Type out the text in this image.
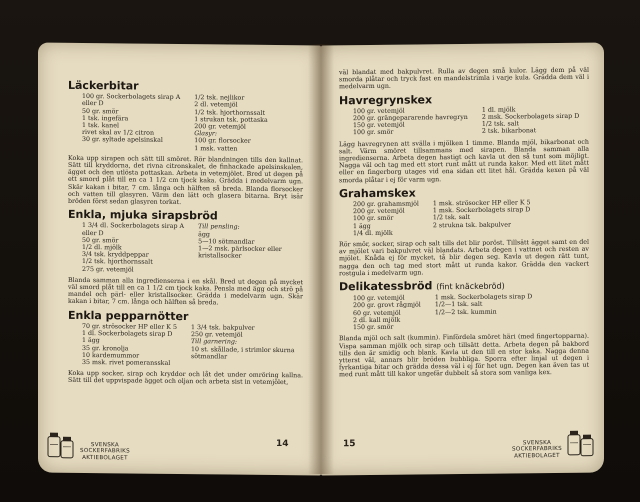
Läckerbitar
100 gr. Sockerbolagets sirap A
eller D
50 gr. smör
1 tsk. ingefära
1 tsk. kanel
rivet skal av 1/2 citron
30 gr. syltade apelsinskal
1/2 tsk. nejlikor
2 dl. vetemjöl
1/2 tsk. hjorthornssalt
1 strukan tsk. pottaska
200 gr. vetemjöl
Glasyr:
100 gr. florsocker
1 msk. vatten

Koka upp sirapen och sätt till smöret. Rör blandningen tills den kallnat. Sätt till kryddorna, det rivna citronskalet, de finhackade apelsinskalen, ägget och den utlösta pottaskan. Arbeta in vetemjölet. Bred ut degen på ett smord plåt till en ca 1 1/2 cm tjock kaka. Grädda i medelvarm ugn. Skär kakan i bitar, 7 cm. långa och hälften så breda. Blanda florsocker och vatten till glasyren. Värm den lätt och glasera bitarna. Bryt isär bröden först sedan glasyren torkat.

Enkla, mjuka sirapsbröd
1 3/4 dl. Sockerbolagets sirap A
eller D
50 gr. smör
1/2 dl. mjölk
3/4 tsk. kryddpeppar
1/2 tsk. hjorthornssalt
275 gr. vetemjöl
Till pensling:
ägg
5—10 sötmandlar
1—2 msk. pärlsocker eller
kristallsocker

Blanda samman alla ingredienserna i en skål. Bred ut degen på mycket väl smord plåt till en ca 1 1/2 cm tjock kaka. Pensla med ägg och strö på mandel och pärl- eller kristallsocker. Grädda i medelvarm ugn. Skär kakan i bitar, 7 cm. långa och hälften så breda.

Enkla pepparnötter
70 gr. strösocker HP eller K 5
1 dl. Sockerbolagets sirap D
1 ägg
35 gr. kronolja
10 kardemummor
35 msk. rivet pomeransskal
1 3/4 tsk. bakpulver
250 gr. vetemjöl
Till garnering:
10 st. skållade, i strimlor skurna
sötmandlar

Koka upp socker, sirap och kryddor och låt det under omröring kallna. Sätt till det uppvispade ägget och oljan och arbeta sist in vetemjölet,

14
SVENSKA
SOCKERFABRIKS
AKTIEBOLAGET

väl blandat med bakpulvret. Rulla av degen små kulor. Lägg dem på väl smorda plåtar och tryck fast en mandelstrimla i varje kula. Grädda dem väl i medelvarm ugn.

Havregrynskex
100 gr. vetemjöl
200 gr. grängepararende havregryn
150 gr. vetemjöl
100 gr. smör
1 dl. mjölk
2 msk. Sockerbolagets sirap D
1/2 tsk. salt
2 tsk. bikarbonat

Lägg havregrynen att svälla i mjölken 1 timme. Blanda mjöl, bikarbonat och salt. Värm smöret tillsammans med sirapen. Blanda samman alla ingredienserna. Arbeta degen hastigt och kavla ut den så tunt som möjligt. Nagga väl och tag med ett stort runt mått ut runda kakor. Med ett litet mått eller en fingerborg utages vid ena sidan ett litet hål. Grädda kexen på väl smorda plåtar i ej för varm ugn.

Grahamskex
200 gr. grahamsmjöl
200 gr. vetemjöl
100 gr. smör
1 ägg
1/4 dl. mjölk
1 msk. strösocker HP eller K 5
1 msk. Sockerbolagets sirap D
1/2 tsk. salt
2 strukna tsk. bakpulver

Rör smör, socker, sirap och salt tills det blir poröst. Tillsätt ägget samt en del av mjölet vari bakpulvret väl blandats. Arbeta degen i vattnet och resten av mjölet. Knåda ej för mycket, tå blir degen seg. Kavla ut degen rätt tunt, nagga den och tag med stort mått ut runda kakor. Grädda den vackert rostgula i medelvarm ugn.

Delikatessbröd (fint knäckebröd)
100 gr. vetemjöl
200 gr. grovt rågmjöl
60 gr. vetemjöl
2 dl. kall mjölk
150 gr. smör
1 msk. Sockerbolagets sirap D
1/2—1 tsk. salt
1/2—2 tsk. kummin

Blanda mjöl och salt (kummin). Finfördela smöret häri (med fingertopparna). Vispa samman mjölk och sirap och tillsätt detta. Arbeta degen på bakbord tills den är smidig och blank. Kavla ut den till en stor kaka. Nagga denna ytterst väl, annars blir bröden bubbliga. Sporra efter linjal ut degen i fyrkantiga bitar och grädda dessa väl i ej för het ugn. Degen kan även tas ut med runt mått till kakor ungefär dubbelt så stora som vanliga kex.

15	SVENSKA
SOCKERFABRIKS
AKTIEBOLAGET
